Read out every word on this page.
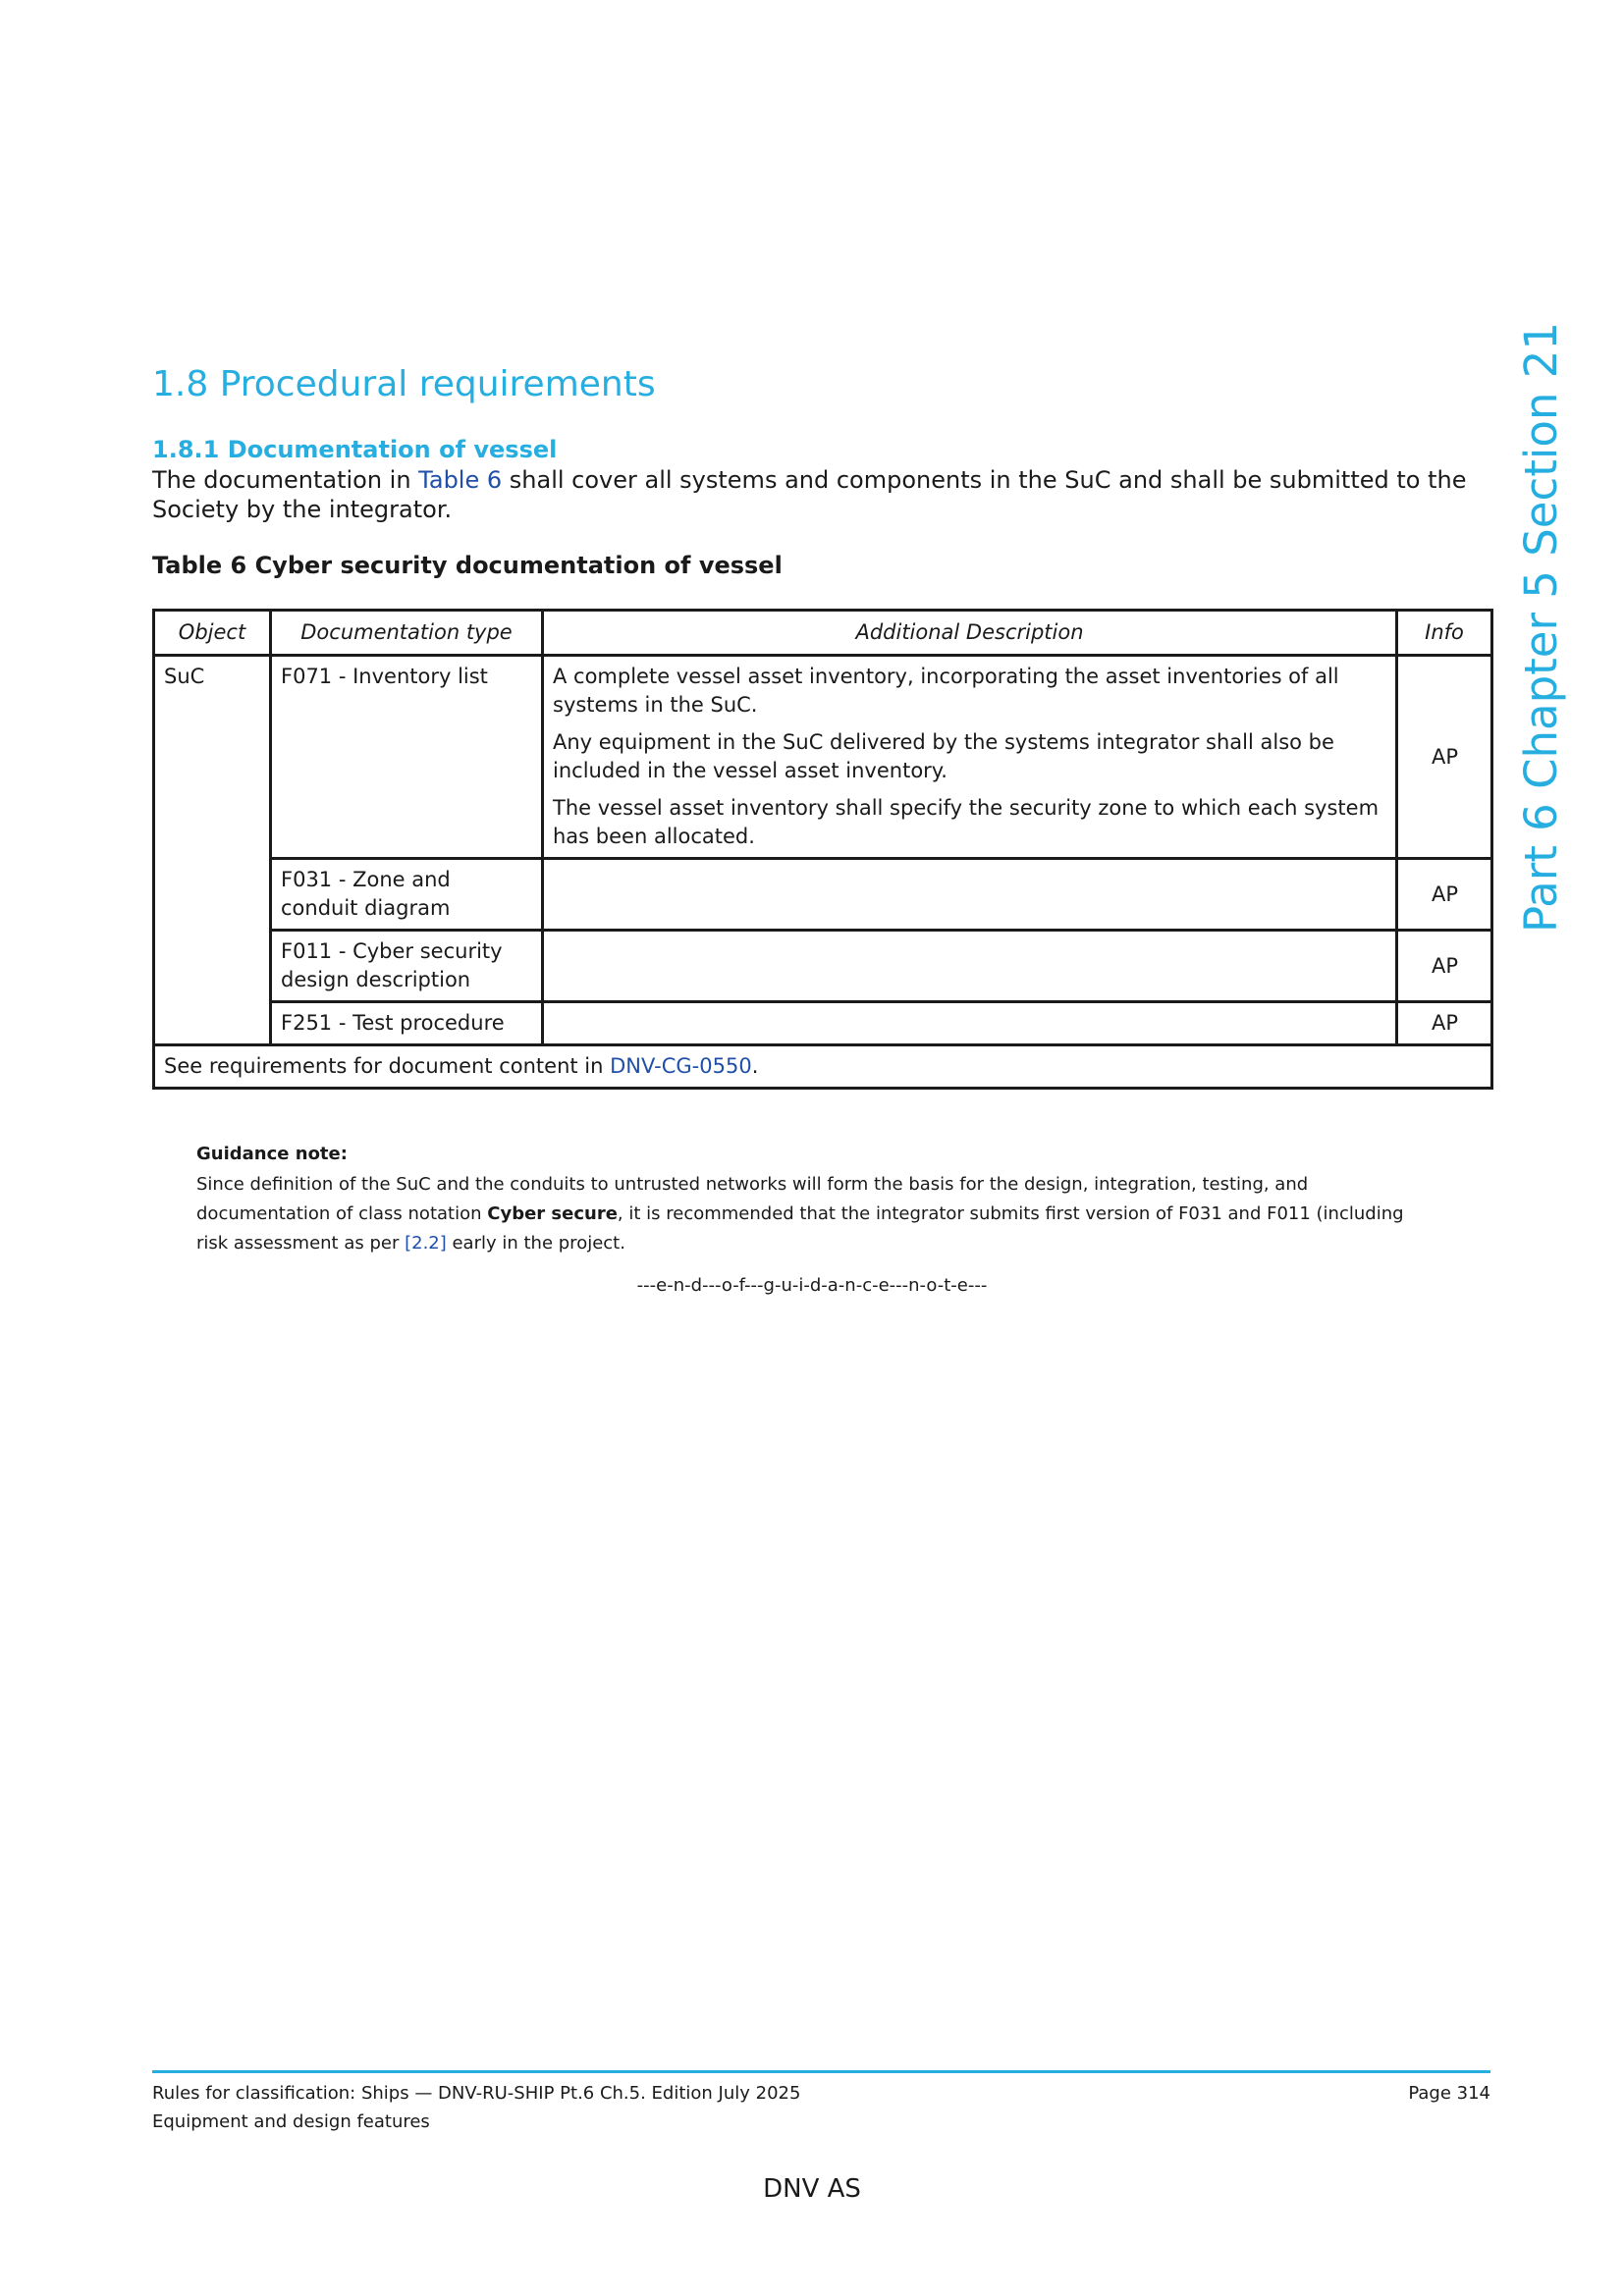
Part 6 Chapter 5 Section 21
1.8 Procedural requirements
1.8.1 Documentation of vessel
The documentation in Table 6 shall cover all systems and components in the SuC and shall be submitted to the Society by the integrator.
Table 6 Cyber security documentation of vessel
Object	Documentation type	Additional Description	Info
SuC	F071 - Inventory list	A complete vessel asset inventory, incorporating the asset inventories of all systems in the SuC.

Any equipment in the SuC delivered by the systems integrator shall also be included in the vessel asset inventory.

The vessel asset inventory shall specify the security zone to which each system has been allocated.	AP
	F031 - Zone and conduit diagram		AP
	F011 - Cyber security design description		AP
	F251 - Test procedure		AP
See requirements for document content in DNV-CG-0550.			
Guidance note:
Since definition of the SuC and the conduits to untrusted networks will form the basis for the design, integration, testing, and documentation of class notation Cyber secure, it is recommended that the integrator submits first version of F031 and F011 (including risk assessment as per [2.2] early in the project.
---e-n-d---o-f---g-u-i-d-a-n-c-e---n-o-t-e---
Rules for classification: Ships — DNV-RU-SHIP Pt.6 Ch.5. Edition July 2025
Equipment and design features
Page 314
DNV AS
